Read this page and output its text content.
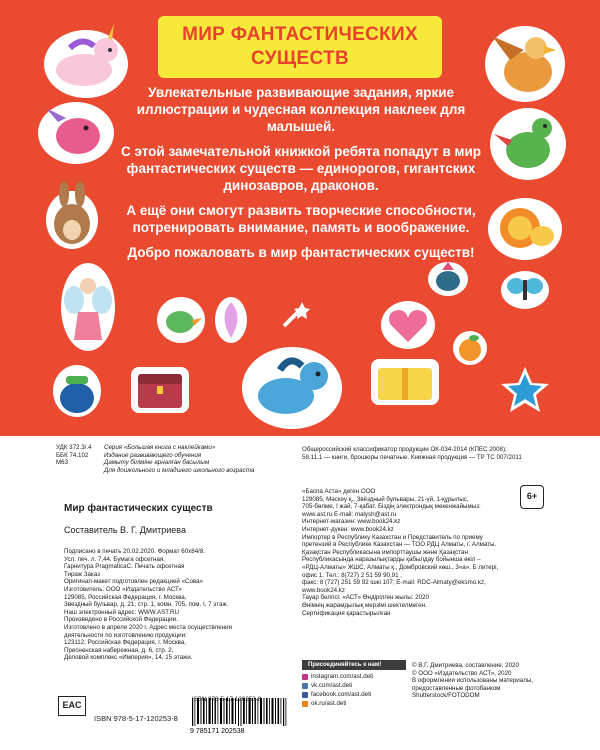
МИР ФАНТАСТИЧЕСКИХ
СУЩЕСТВ

Увлекательные развивающие задания, яркие иллюстрации и чудесная коллекция наклеек для малышей.

С этой замечательной книжкой ребята попадут в мир фантастических существ — единорогов, гигантских динозавров, драконов.

А ещё они смогут развить творческие способности, потренировать внимание, память и воображение.

Добро пожаловать в мир фантастических существ!

УДК 372.3/.4
ББК 74.102
М63
Серия «Большая книга с наклейками»
Издание развивающего обучения
Дамыту біліміне арналған басылым
Для дошкольного и младшего школьного возраста
Мир фантастических существ
Составитель В. Г. Дмитриева
Подписано в печать 20.02.2020. Формат 60х84/8.
Усл. печ. л. 7,44. Бумага офсетная.
Гарнитура PragmaticaC. Печать офсетная
Тираж Заказ
Оригинал-макет подготовлен редакцией «Сова»
Изготовитель: ООО «Издательство АСТ»
129085, Российская Федерация, г. Москва,
Звездный бульвар, д. 21, стр. 1, комн. 705, пом. I, 7 этаж.
Наш электронный адрес: WWW.AST.RU
Произведено в Российской Федерации.
Изготовлено в апреле 2020 г. Адрес места осуществления
деятельности по изготовлению продукции:
123112, Российская Федерация, г. Москва,
Пресненская набережная, д. 6, стр. 2,
Деловой комплекс «Империя», 14, 15 этажи.
EAC
ISBN 978-5-17-120253-8
9 785171 202538
ISBN 978-5-17-120253-8
Общероссийский классификатор продукции ОК-034-2014 (КПЕС 2008);
58.11.1 — книги, брошюры печатные. Книжная продукция — ТР ТС 007/2011
«Баспа Аста» деген ООО
129085, Мәскеу қ., Звёздный бульвары, 21-үй, 1-құрылыс,
705-бөлме, I жай, 7-қабат. Біздің электрондық мекенжайымыз:
www.ast.ru E-mail: malysh@ast.ru
Интернет-магазин: www.book24.kz
Интернет-дүкен: www.book24.kz
Импортер в Республику Казахстан и Представитель по приему
претензий в Республике Казахстан — ТОО РДЦ Алматы, г. Алматы.
Қазақстан Республикасына импорттаушы және Қазақстан
Республикасында наразылықтарды қабылдау бойынша өкіл –
«РДЦ-Алматы» ЖШС, Алматы қ., Домбровский көш., 3«а», Б литері,
офис 1. Тел.: 8(727) 2 51 59 90,91 ,
факс: 8 (727) 251 59 92 ішкі 107; E-mail: RDC-Almaty@eksmo.kz,
www.book24.kz
Тауар белгісі: «АСТ» Өндірілген жылы: 2020
Өнімнің жарамдылық мерзімі шектелмеген.
Сертификация қарастырылған
6+
Присоединяйтесь к нам!
instagram.com/ast.deti
vk.com/ast.deti
facebook.com/ast.deti
ok.ru/ast.deti
© В.Г. Дмитриева, составление, 2020
© ООО «Издательство АСТ», 2020
В оформлении использованы материалы,
предоставленные фотобанком
Shutterstock/FOTODOM
